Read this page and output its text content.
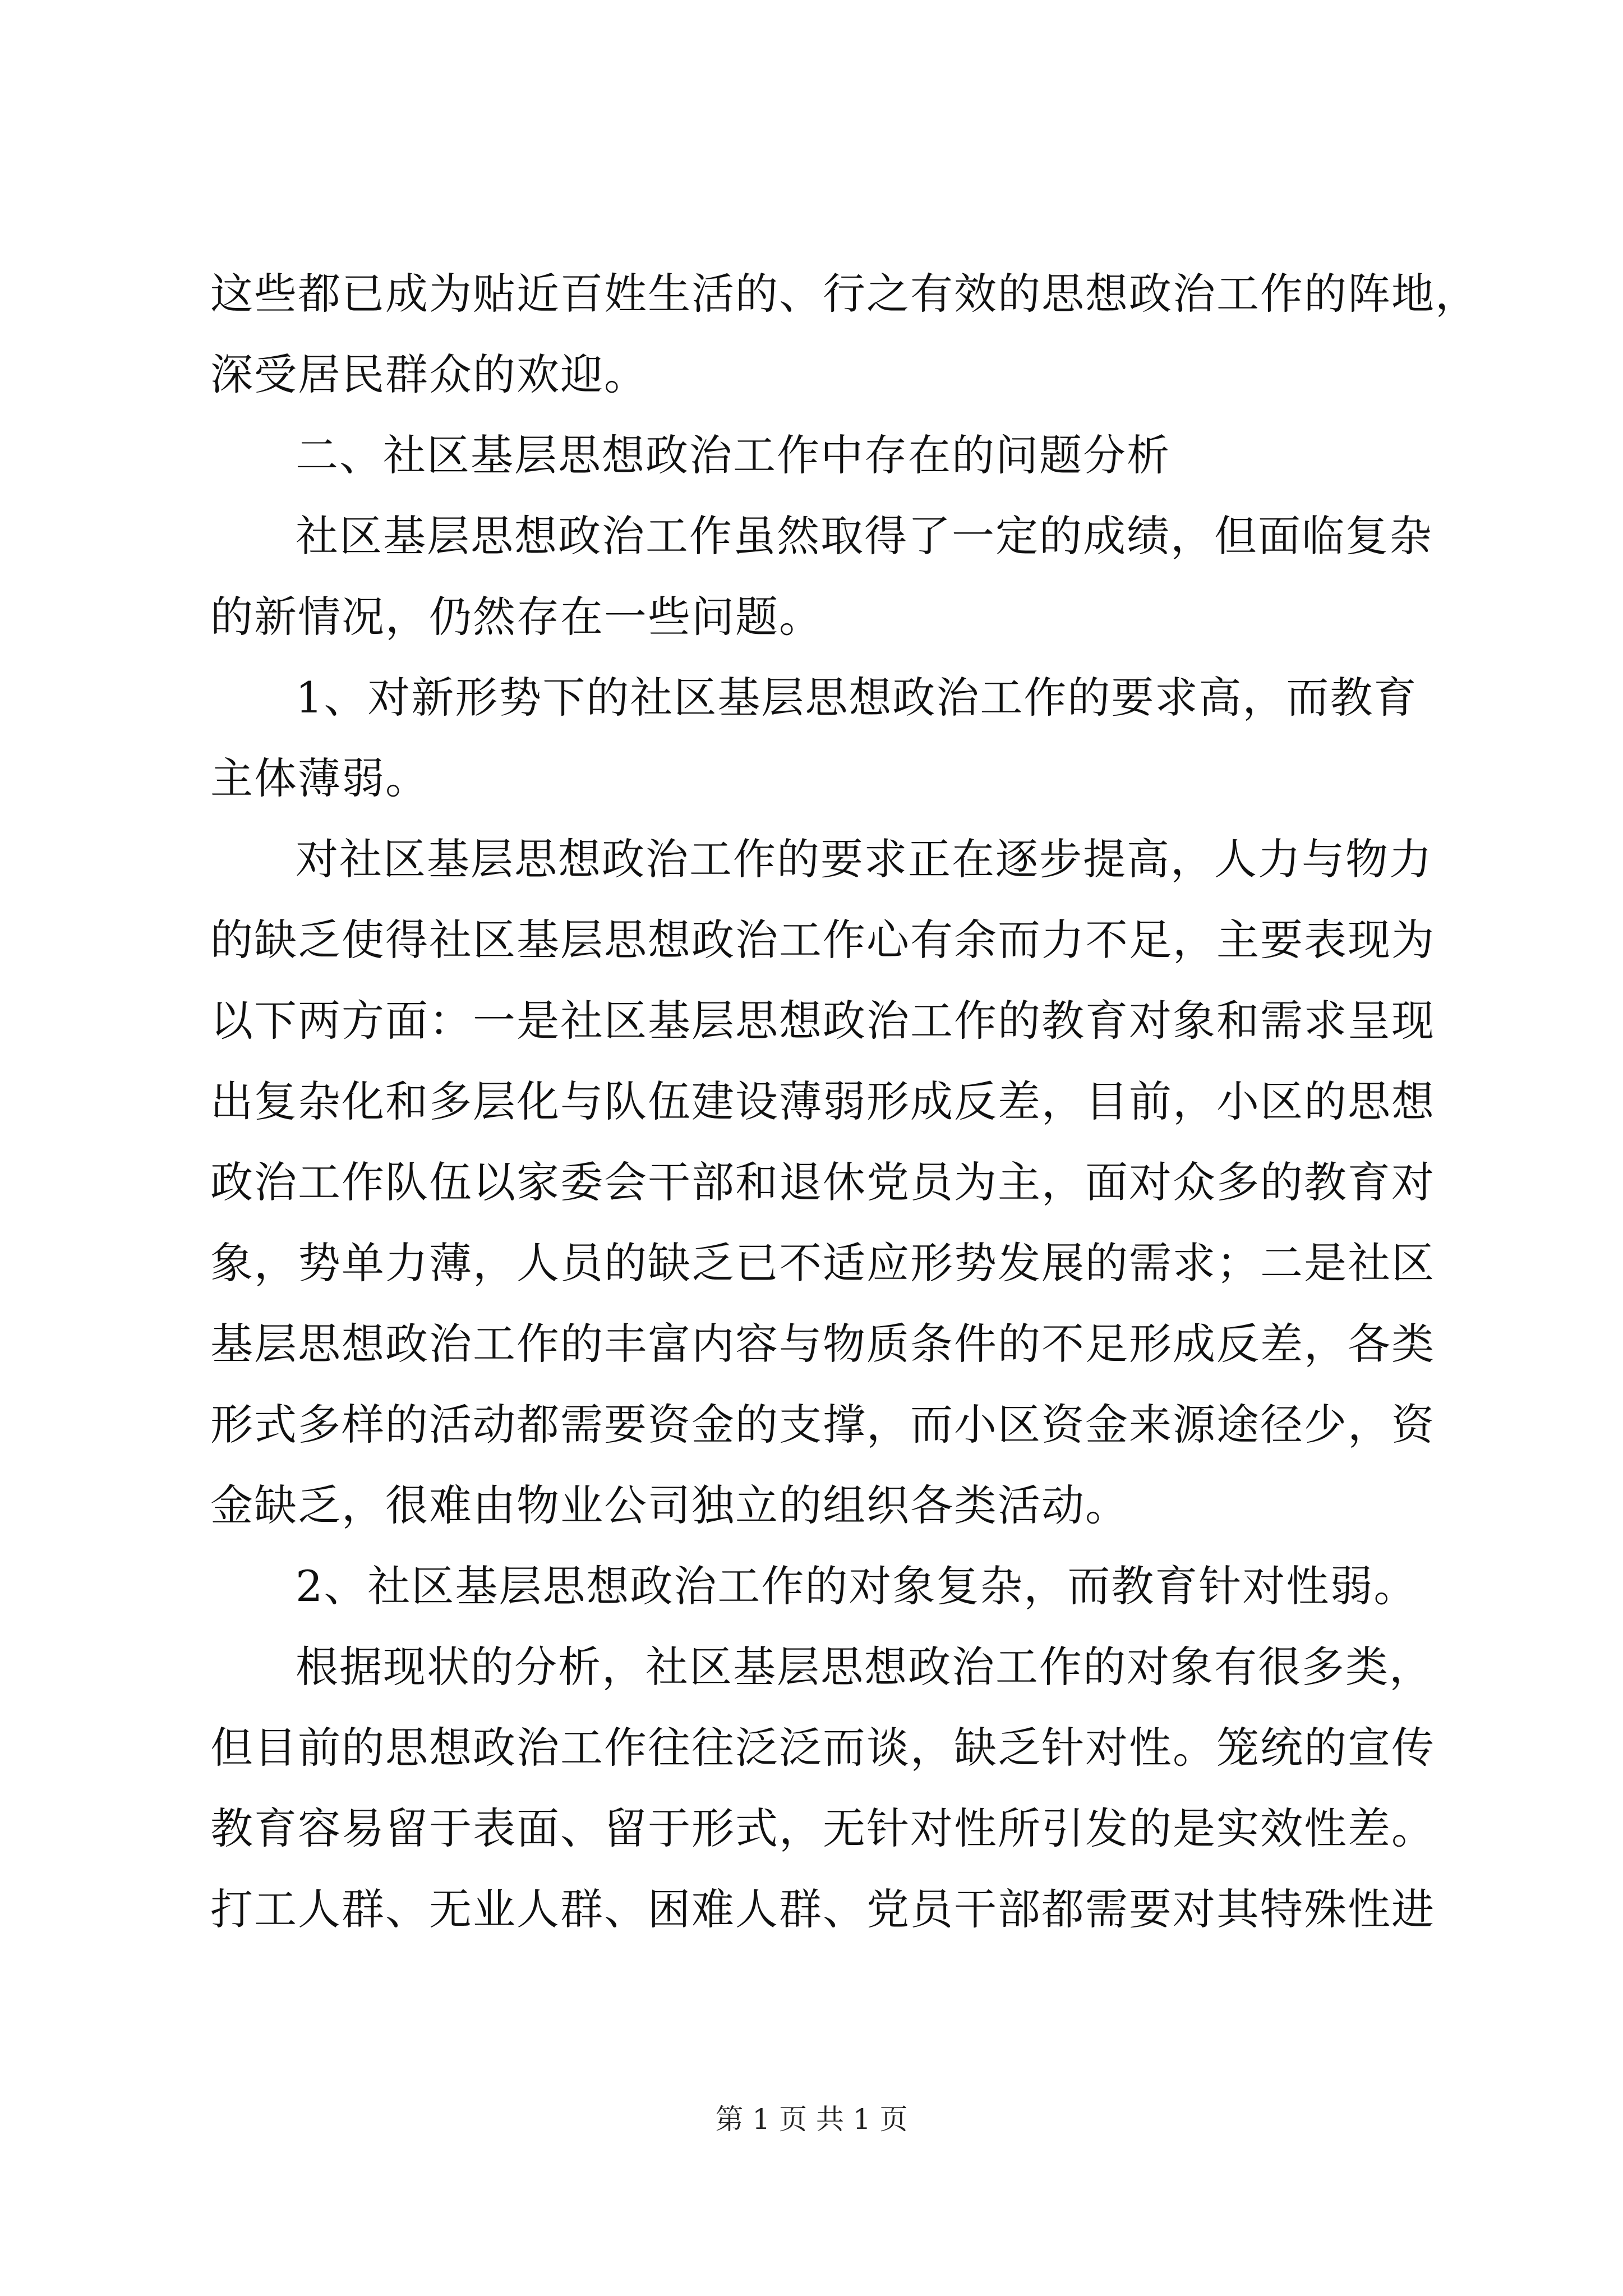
这些都已成为贴近百姓生活的、行之有效的思想政治工作的阵地，
深受居民群众的欢迎。
二、社区基层思想政治工作中存在的问题分析
社区基层思想政治工作虽然取得了一定的成绩，但面临复杂
的新情况，仍然存在一些问题。
1、对新形势下的社区基层思想政治工作的要求高，而教育
主体薄弱。
对社区基层思想政治工作的要求正在逐步提高，人力与物力
的缺乏使得社区基层思想政治工作心有余而力不足，主要表现为
以下两方面：一是社区基层思想政治工作的教育对象和需求呈现
出复杂化和多层化与队伍建设薄弱形成反差，目前，小区的思想
政治工作队伍以家委会干部和退休党员为主，面对众多的教育对
象，势单力薄，人员的缺乏已不适应形势发展的需求；二是社区
基层思想政治工作的丰富内容与物质条件的不足形成反差，各类
形式多样的活动都需要资金的支撑，而小区资金来源途径少，资
金缺乏，很难由物业公司独立的组织各类活动。
2、社区基层思想政治工作的对象复杂，而教育针对性弱。
根据现状的分析，社区基层思想政治工作的对象有很多类，
但目前的思想政治工作往往泛泛而谈，缺乏针对性。笼统的宣传
教育容易留于表面、留于形式，无针对性所引发的是实效性差。
打工人群、无业人群、困难人群、党员干部都需要对其特殊性进
第 1 页 共 1 页
